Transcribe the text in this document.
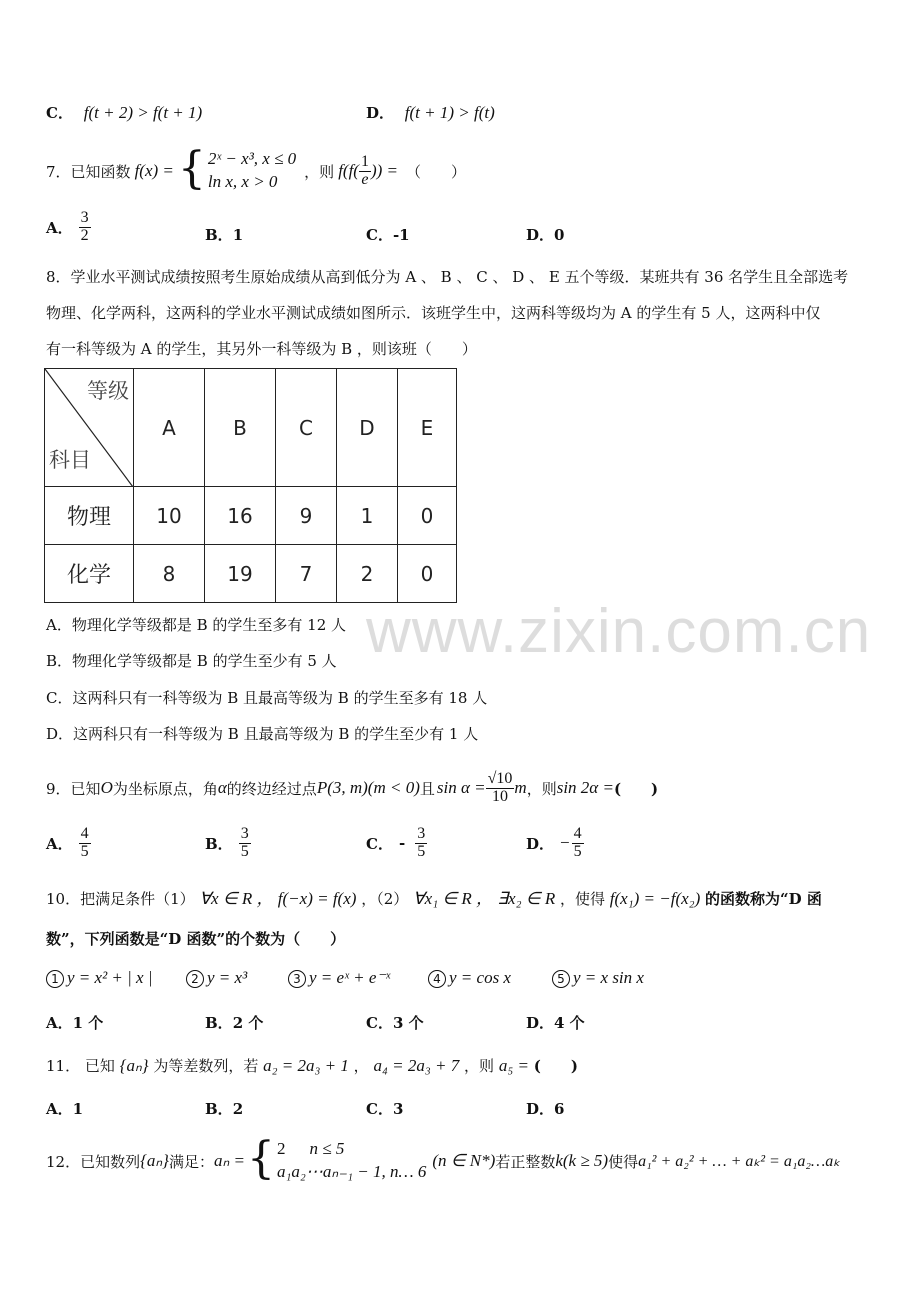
C． f(t + 2) > f(t + 1)	D． f(t + 1) > f(t)
7． 已知函数 f(x) = { 2ˣ − x³, x ≤ 0
ln x, x > 0
，则 $f(f( \frac{1}{e}$ )) = （　　）
A． $\frac{3}{2}$	B．1	C．-1	D．0
8．学业水平测试成绩按照考生原始成绩从高到低分为 A 、 B 、 C 、 D 、 E 五个等级．某班共有 36 名学生且全部选考
物理、化学两科，这两科的学业水平测试成绩如图所示．该班学生中，这两科等级均为 A 的学生有 5 人，这两科中仅
有一科等级为 A 的学生，其另外一科等级为 B ，则该班（　　）
等级
科目	A	B	C	D	E
物理	10	16	9	1	0
化学	8	19	7	2	0
A．物理化学等级都是 B 的学生至多有 12 人
B．物理化学等级都是 B 的学生至少有 5 人
C．这两科只有一科等级为 B 且最高等级为 B 的学生至多有 18 人
D．这两科只有一科等级为 B 且最高等级为 B 的学生至少有 1 人
www.zixin.com.cn
9． 已知 O 为坐标原点，角 α 的终边经过点 P(3, m)(m < 0) 且 $\sin \alpha = \frac{√10}{10}$ m ，则 sin 2α = (　　)
A． $\frac{4}{5}$	B． $\frac{3}{5}$	C． - $\frac{3}{5}$	D． − $\frac{4}{5}$
10．把满足条件（1） ∀x ∈ R ， f(−x) = f(x) ，（2） ∀x₁ ∈ R ， ∃x₂ ∈ R ，使得 f(x₁) = −f(x₂) 的函数称为“D 函
数”，下列函数是“D 函数”的个数为（　　）
1 y = x² + | x |	2 y = x³	3 y = eˣ + e⁻ˣ	4 y = cos x	5 y = x sin x
A．1 个	B．2 个	C．3 个	D．4 个
11． 已知 {aₙ} 为等差数列，若 a₂ = 2a₃ + 1 ， a₄ = 2a₃ + 7 ，则 a₅ = (　　)
A．1	B．2	C．3	D．6
12． 已知数列 {aₙ} 满足： aₙ = { 2 n ≤ 5
a₁a₂⋯aₙ₋₁ − 1, n… 6
(n ∈ N*) 若正整数 k(k ≥ 5) 使得 a₁² + a₂² + … + aₖ² = a₁a₂…aₖ
